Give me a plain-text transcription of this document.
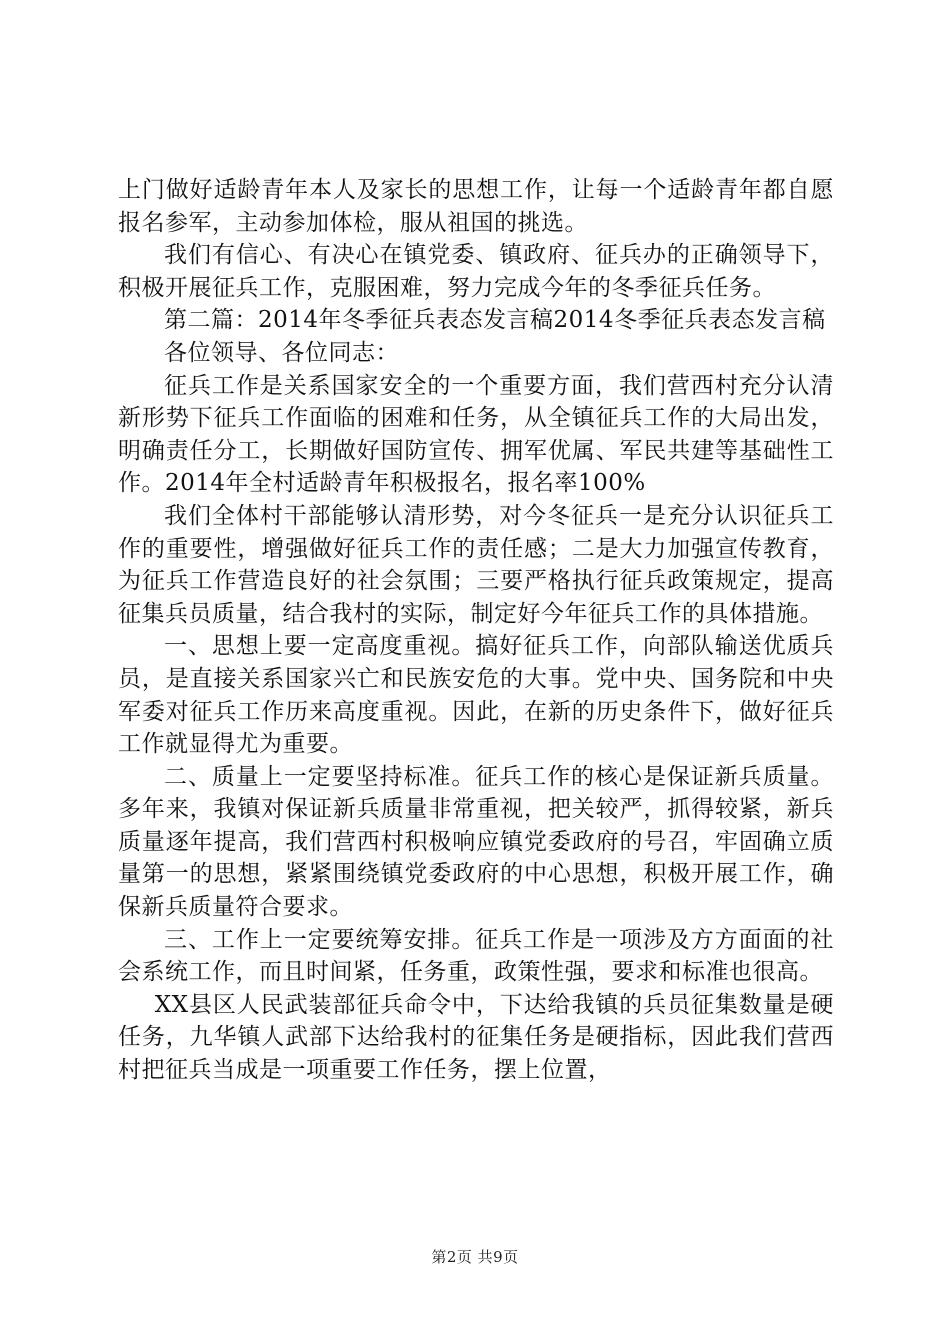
上门做好适龄青年本人及家长的思想工作，让每一个适龄青年都自愿报名参军，主动参加体检，服从祖国的挑选。

我们有信心、有决心在镇党委、镇政府、征兵办的正确领导下，积极开展征兵工作，克服困难，努力完成今年的冬季征兵任务。

第二篇：2014年冬季征兵表态发言稿2014冬季征兵表态发言稿

各位领导、各位同志：

征兵工作是关系国家安全的一个重要方面，我们营西村充分认清新形势下征兵工作面临的困难和任务，从全镇征兵工作的大局出发，明确责任分工，长期做好国防宣传、拥军优属、军民共建等基础性工作。2014年全村适龄青年积极报名，报名率100%

我们全体村干部能够认清形势，对今冬征兵一是充分认识征兵工作的重要性，增强做好征兵工作的责任感；二是大力加强宣传教育，为征兵工作营造良好的社会氛围；三要严格执行征兵政策规定，提高征集兵员质量，结合我村的实际，制定好今年征兵工作的具体措施。

一、思想上要一定高度重视。搞好征兵工作，向部队输送优质兵员，是直接关系国家兴亡和民族安危的大事。党中央、国务院和中央军委对征兵工作历来高度重视。因此，在新的历史条件下，做好征兵工作就显得尤为重要。

二、质量上一定要坚持标准。征兵工作的核心是保证新兵质量。多年来，我镇对保证新兵质量非常重视，把关较严，抓得较紧，新兵质量逐年提高，我们营西村积极响应镇党委政府的号召，牢固确立质量第一的思想，紧紧围绕镇党委政府的中心思想，积极开展工作，确保新兵质量符合要求。

三、工作上一定要统筹安排。征兵工作是一项涉及方方面面的社会系统工作，而且时间紧，任务重，政策性强，要求和标准也很高。

XX县区人民武装部征兵命令中，下达给我镇的兵员征集数量是硬任务，九华镇人武部下达给我村的征集任务是硬指标，因此我们营西村把征兵当成是一项重要工作任务，摆上位置，

第2页 共9页
